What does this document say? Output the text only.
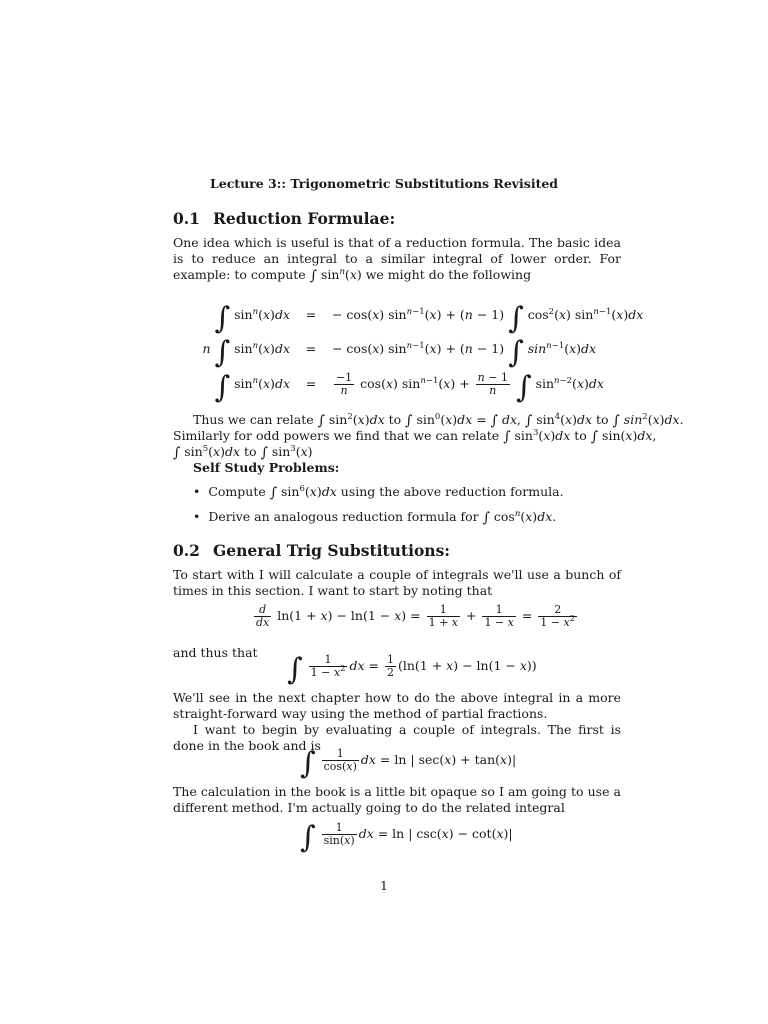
Lecture 3:: Trigonometric Substitutions Revisited
0.1 Reduction Formulae:
One idea which is useful is that of a reduction formula. The basic idea is to reduce an integral to a similar integral of lower order. For example: to compute ∫ $\sin^n(x)$ we might do the following
∫ $\sin^n(x)dx$ = − cos(x) $\sin^{n-1}(x) + (n - 1)$ ∫ $\cos^2(x)$ $\sin^{n-1}(x)dx$
n ∫ $\sin^n(x)dx$ = − cos(x) $\sin^{n-1}(x) + (n - 1)$ ∫ $\sin^{n-1}(x)dx$
∫ $\sin^n(x)dx = \frac{-1}{n} \cos(x) \sin^{n-1}(x) + \frac{n - 1}{n}$ ∫ $\sin^{n-2}(x)dx$
Thus we can relate ∫ $\sin^2(x)dx$ to ∫ $\sin^0(x)dx$ = ∫ dx, ∫ $\sin^4(x)dx$ to ∫ $\sin^2(x)dx$.
Similarly for odd powers we find that we can relate ∫ $\sin^3(x)dx$ to ∫ sin(x)dx,
∫ $\sin^5(x)dx$ to ∫ $\sin^3(x)$
Self Study Problems:
•  Compute ∫ $\sin^6(x)dx$ using the above reduction formula.
•  Derive an analogous reduction formula for ∫ $\cos^n(x)dx$.
0.2 General Trig Substitutions:
To start with I will calculate a couple of integrals we'll use a bunch of times in this section. I want to start by noting that
$\frac{d}{dx} \ln(1 + x) - \ln(1 - x) = \frac{1}{1 + x} + \frac{1}{1 - x} = \frac{2}{1 - x^2}$
and thus that ∫ $\frac{1}{1 - x^2}$ dx = $\frac{1}{2} (\ln(1 + x) - \ln(1 - x))$
We'll see in the next chapter how to do the above integral in a more straight-forward way using the method of partial fractions.
I want to begin by evaluating a couple of integrals. The first is done in the book and is
∫ $\frac{1}{\cos(x)}$ dx = ln | sec(x) + tan(x)|
The calculation in the book is a little bit opaque so I am going to use a different method. I'm actually going to do the related integral
∫ $\frac{1}{\sin(x)}$ dx = ln | csc(x) − cot(x)|
1
